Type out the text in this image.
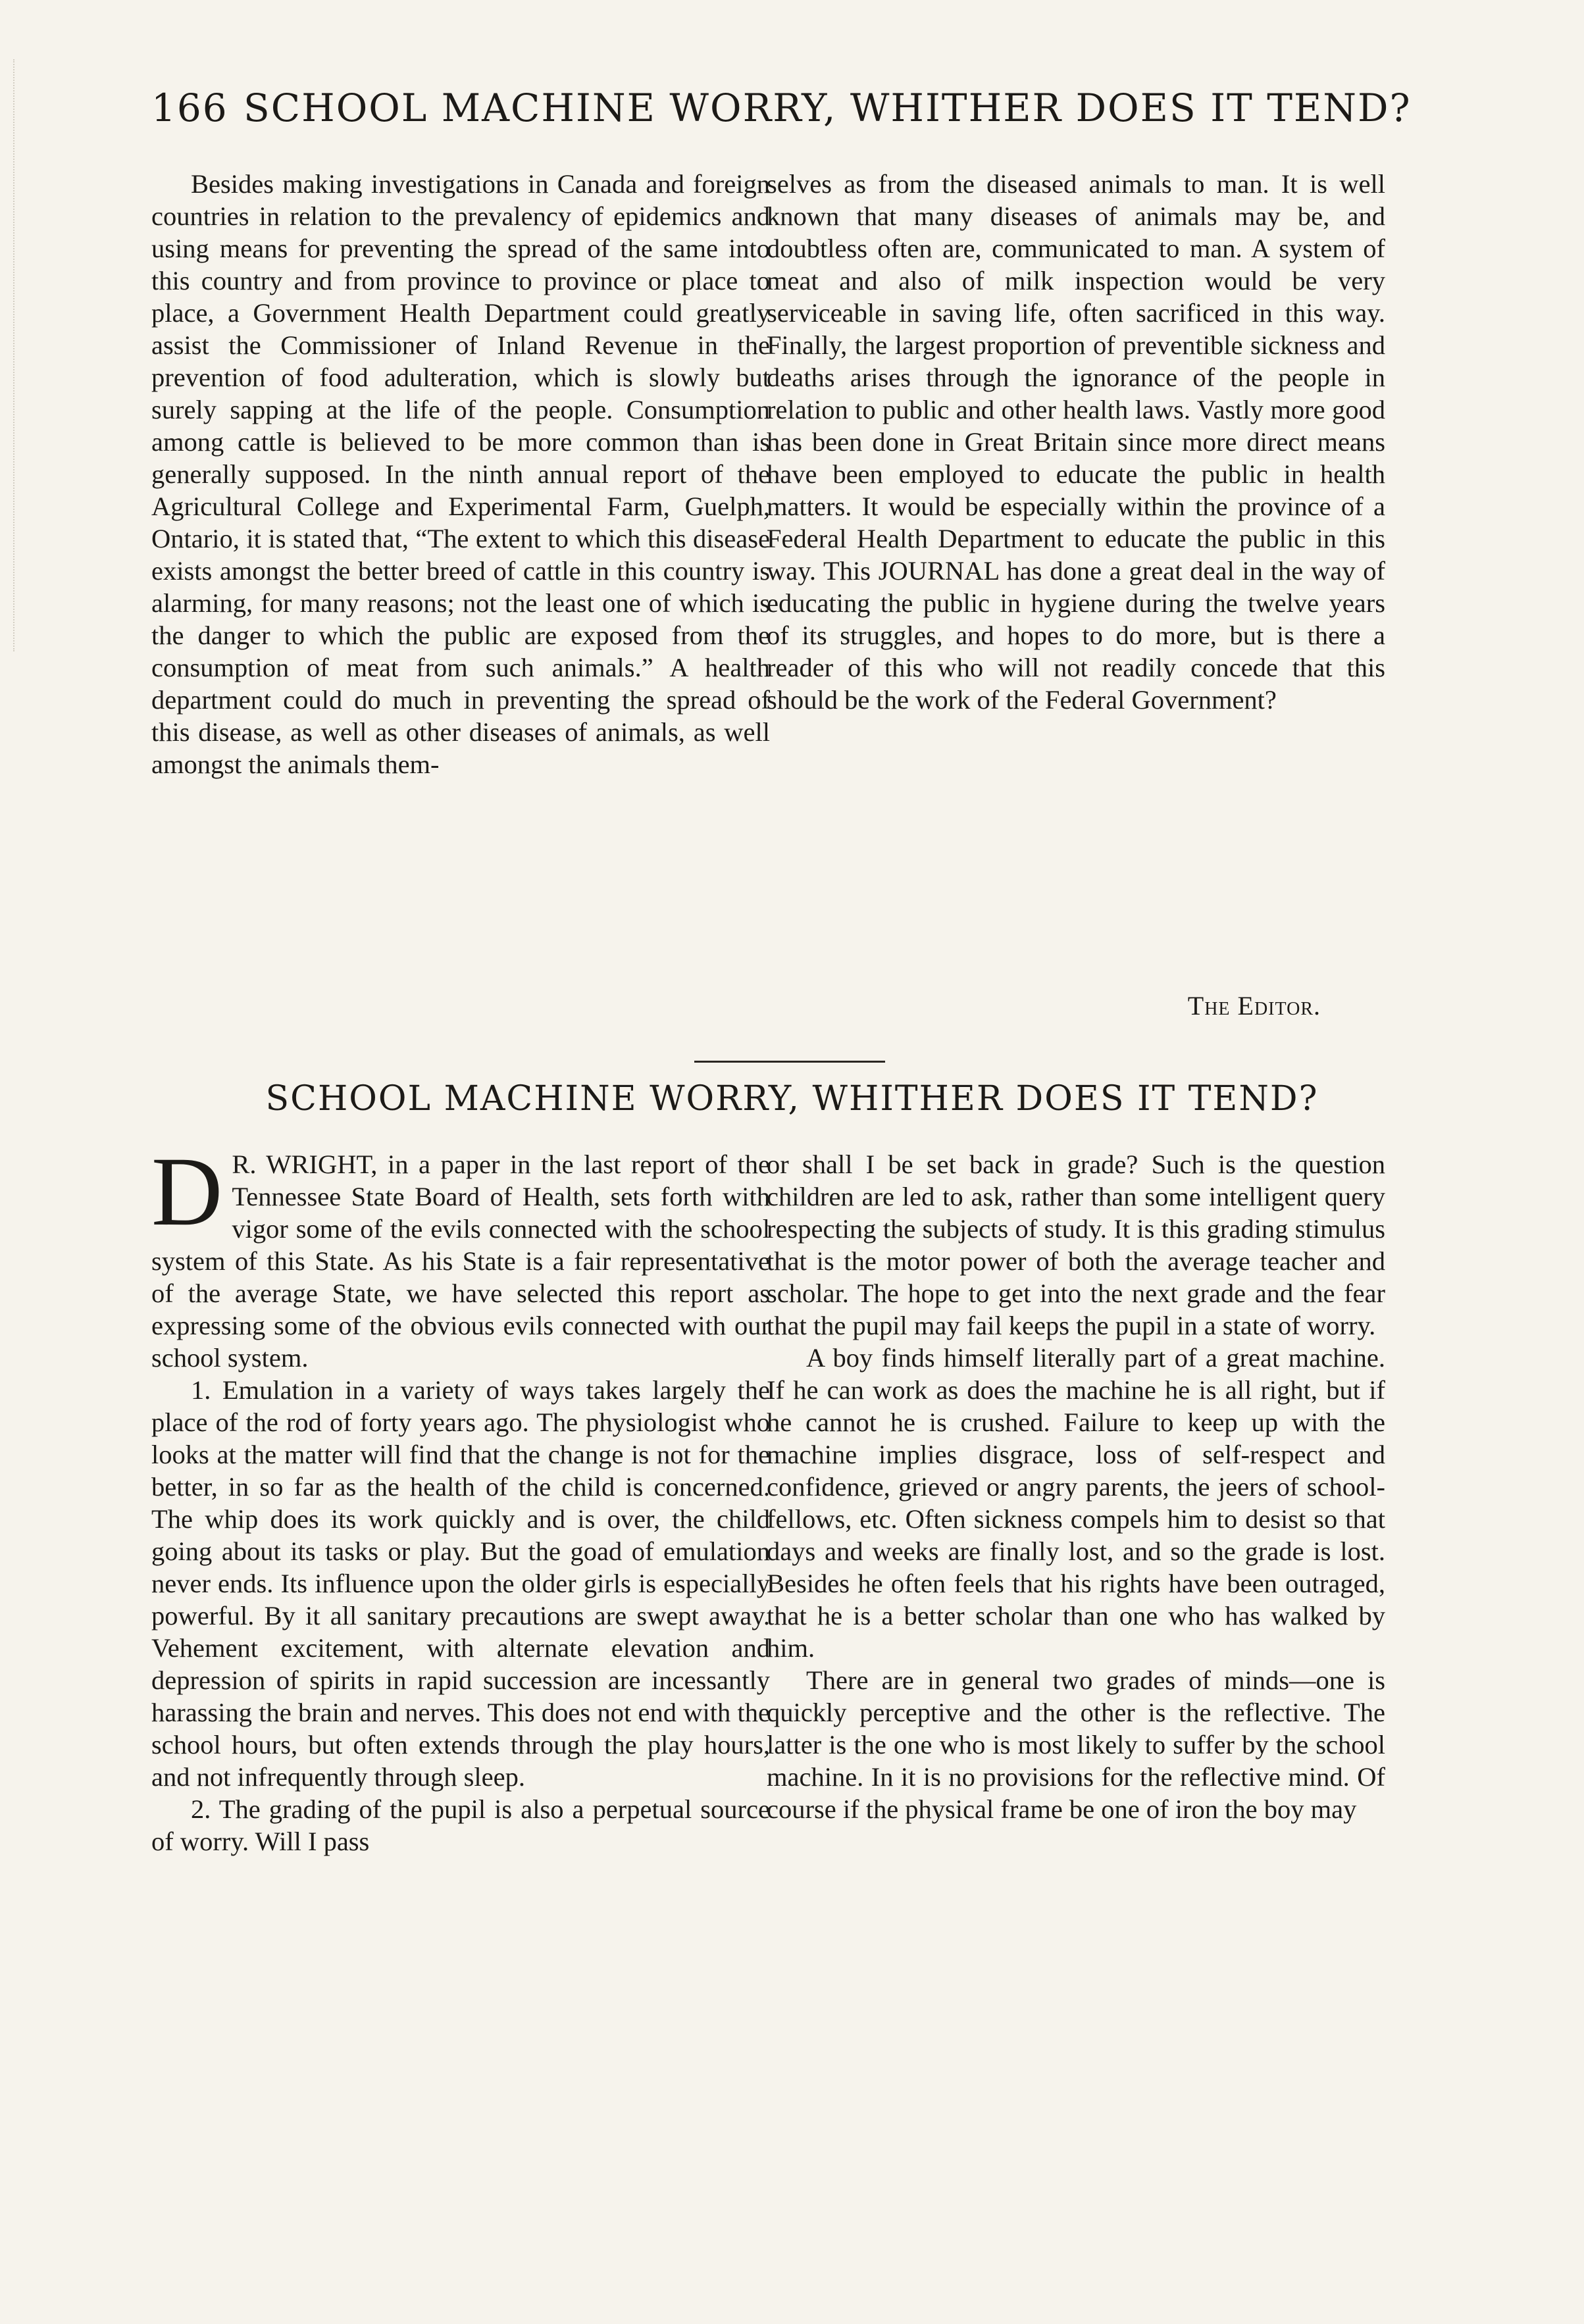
166 SCHOOL MACHINE WORRY, WHITHER DOES IT TEND?

Besides making investigations in Canada and foreign countries in relation to the prevalency of epidemics and using means for preventing the spread of the same into this country and from province to province or place to place, a Government Health Department could greatly assist the Commissioner of Inland Revenue in the prevention of food adulteration, which is slowly but surely sapping at the life of the people. Consumption among cattle is believed to be more common than is generally supposed. In the ninth annual report of the Agricultural College and Experimental Farm, Guelph, Ontario, it is stated that, “The extent to which this disease exists amongst the better breed of cattle in this country is alarming, for many reasons; not the least one of which is the danger to which the public are exposed from the consumption of meat from such animals.” A health department could do much in preventing the spread of this disease, as well as other diseases of animals, as well amongst the animals them-

selves as from the diseased animals to man. It is well known that many diseases of animals may be, and doubtless often are, communicated to man. A system of meat and also of milk inspection would be very serviceable in saving life, often sacrificed in this way. Finally, the largest proportion of preventible sickness and deaths arises through the ignorance of the people in relation to public and other health laws. Vastly more good has been done in Great Britain since more direct means have been employed to educate the public in health matters. It would be especially within the province of a Federal Health Department to educate the public in this way. This JOURNAL has done a great deal in the way of educating the public in hygiene during the twelve years of its struggles, and hopes to do more, but is there a reader of this who will not readily concede that this should be the work of the Federal Government?

The Editor.
SCHOOL MACHINE WORRY, WHITHER DOES IT TEND?

D R. WRIGHT, in a paper in the last report of the Tennessee State Board of Health, sets forth with vigor some of the evils connected with the school system of this State. As his State is a fair representative of the average State, we have selected this report as expressing some of the obvious evils connected with our school system.

1. Emulation in a variety of ways takes largely the place of the rod of forty years ago. The physiologist who looks at the matter will find that the change is not for the better, in so far as the health of the child is concerned. The whip does its work quickly and is over, the child going about its tasks or play. But the goad of emulation never ends. Its influence upon the older girls is especially powerful. By it all sanitary precautions are swept away. Vehement excitement, with alternate elevation and depression of spirits in rapid succession are incessantly harassing the brain and nerves. This does not end with the school hours, but often extends through the play hours, and not infrequently through sleep.

2. The grading of the pupil is also a perpetual source of worry. Will I pass

or shall I be set back in grade? Such is the question children are led to ask, rather than some intelligent query respecting the subjects of study. It is this grading stimulus that is the motor power of both the average teacher and scholar. The hope to get into the next grade and the fear that the pupil may fail keeps the pupil in a state of worry.

A boy finds himself literally part of a great machine. If he can work as does the machine he is all right, but if he cannot he is crushed. Failure to keep up with the machine implies disgrace, loss of self-respect and confidence, grieved or angry parents, the jeers of school-fellows, etc. Often sickness compels him to desist so that days and weeks are finally lost, and so the grade is lost. Besides he often feels that his rights have been outraged, that he is a better scholar than one who has walked by him.

There are in general two grades of minds—one is quickly perceptive and the other is the reflective. The latter is the one who is most likely to suffer by the school machine. In it is no provisions for the reflective mind. Of course if the physical frame be one of iron the boy may
